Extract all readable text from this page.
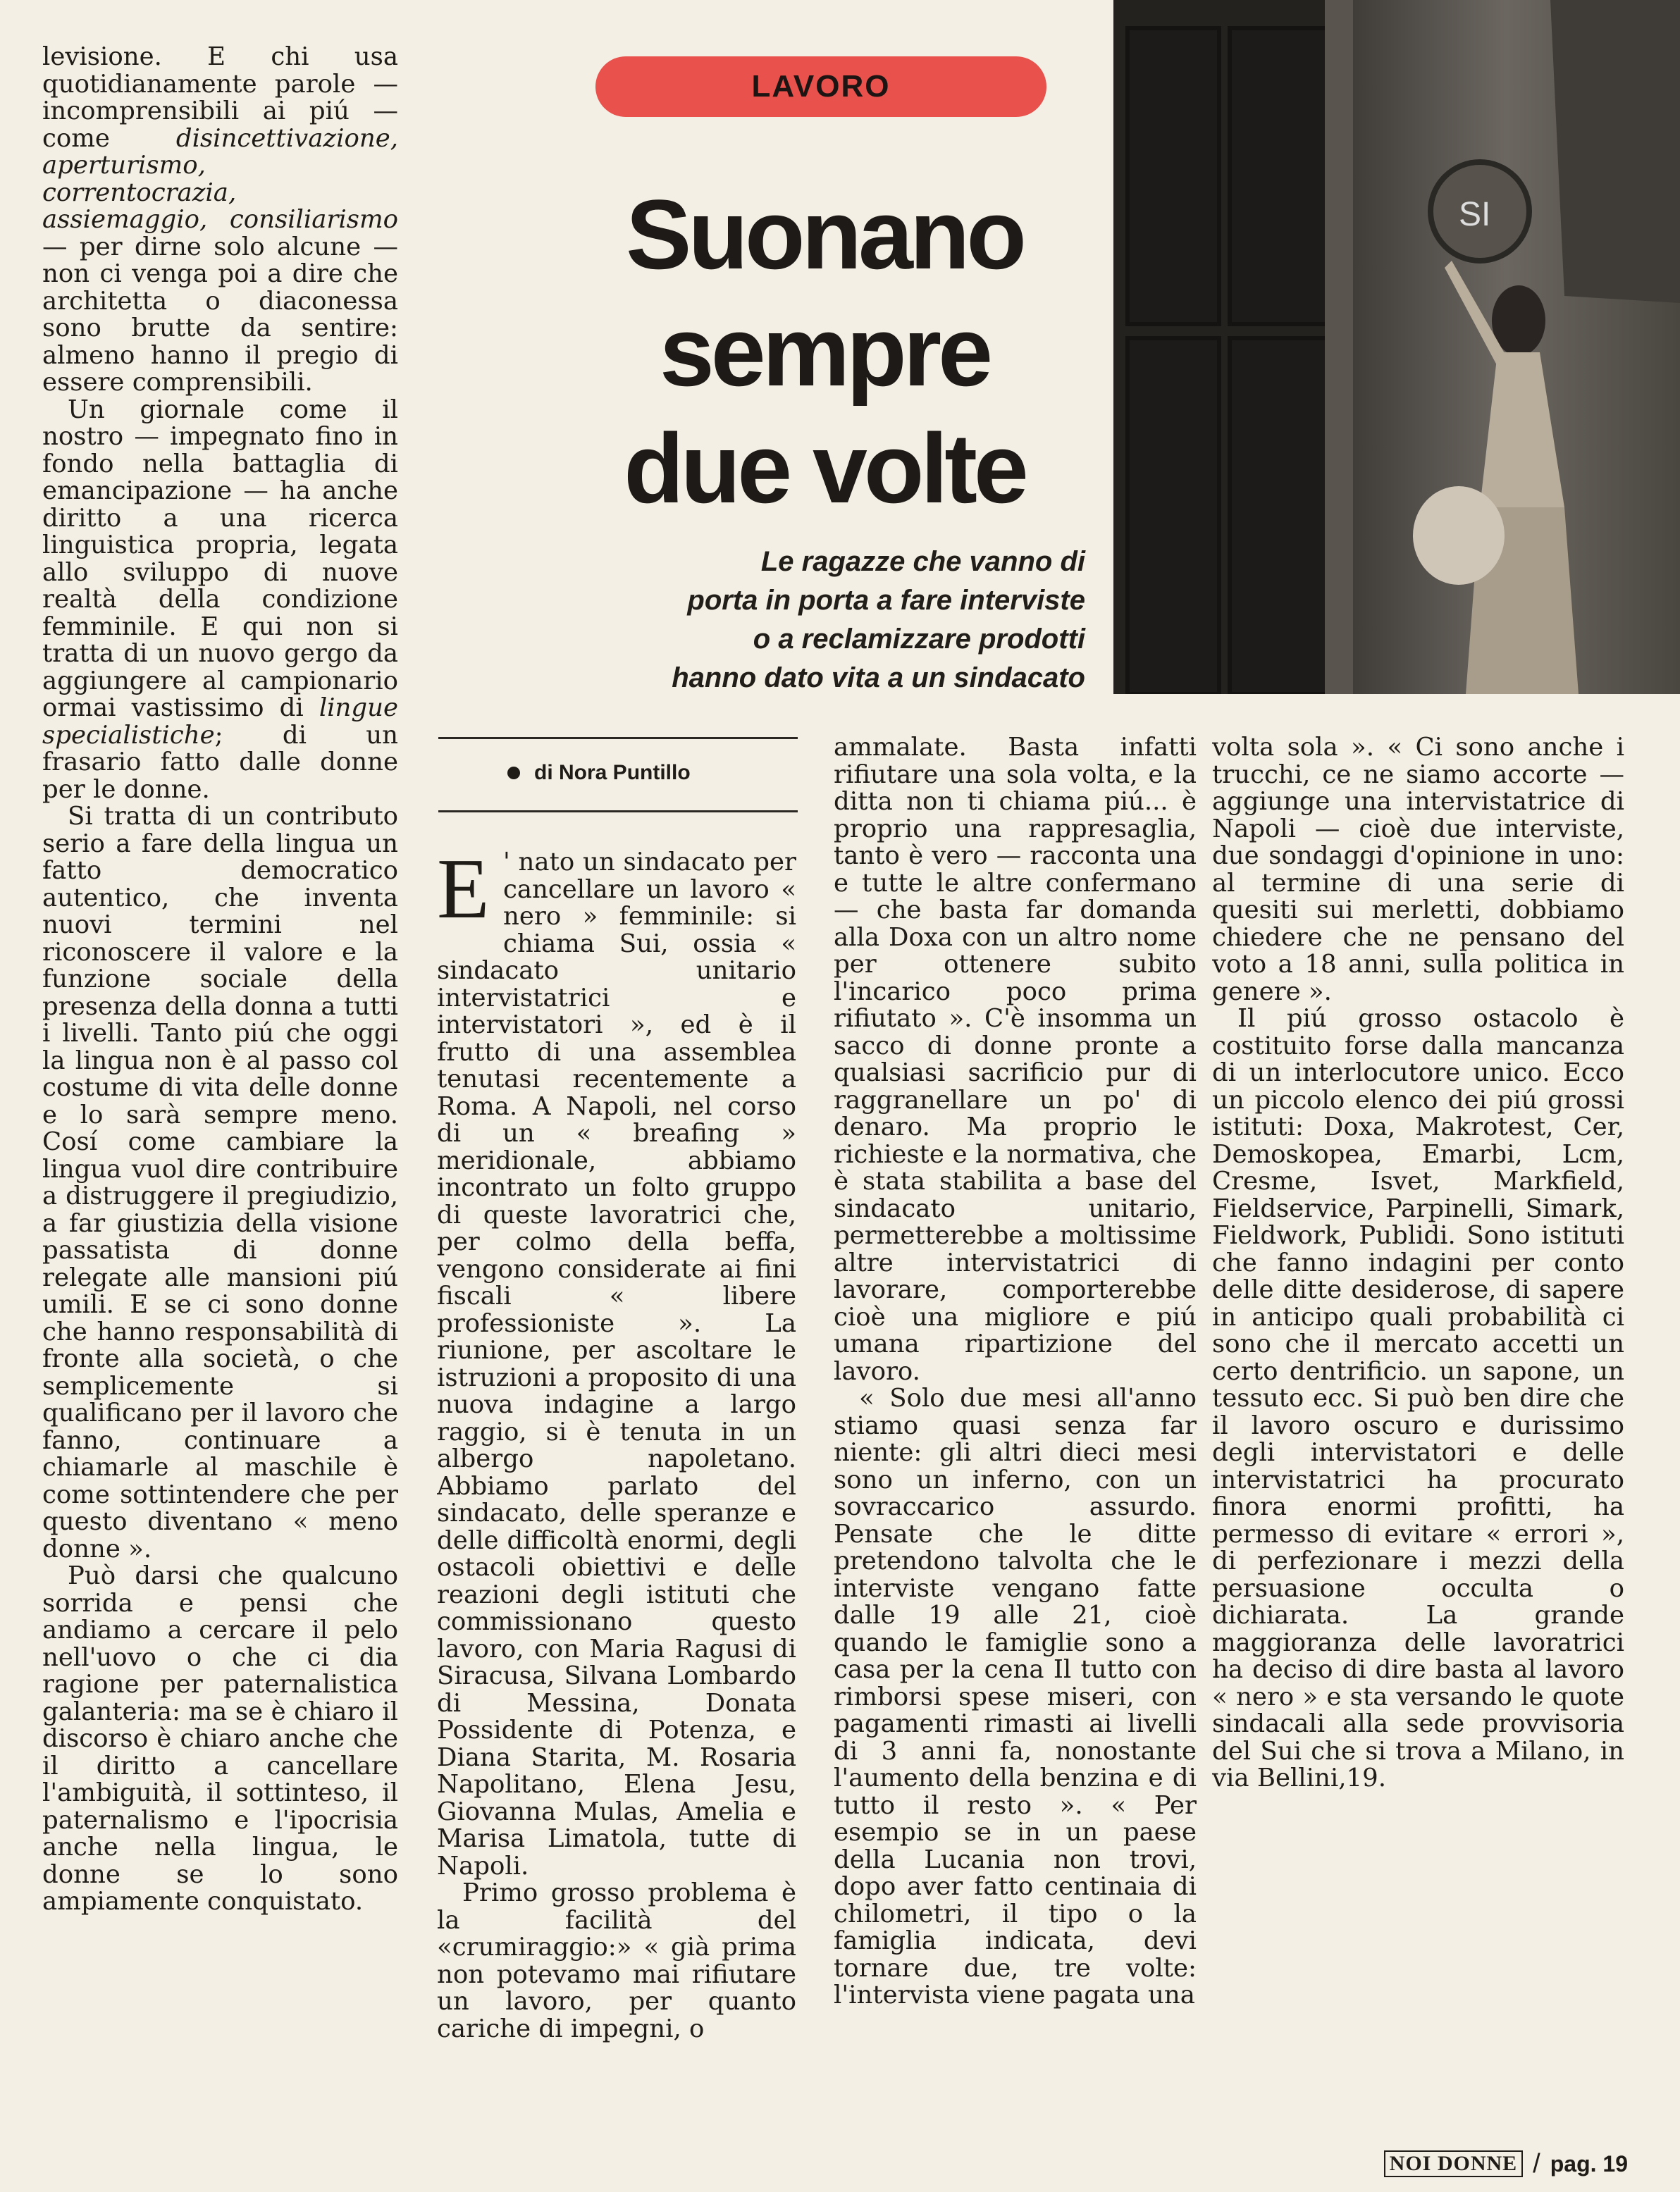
levisione. E chi usa quotidianamente parole — incomprensibili ai piú — come disincettivazione, aperturismo, correntocrazia, assiemaggio, consiliarismo — per dirne solo alcune — non ci venga poi a dire che architetta o diaconessa sono brutte da sentire: almeno hanno il pregio di essere comprensibili.

Un giornale come il nostro — impegnato fino in fondo nella battaglia di emancipazione — ha anche diritto a una ricerca linguistica propria, legata allo sviluppo di nuove realtà della condizione femminile. E qui non si tratta di un nuovo gergo da aggiungere al campionario ormai vastissimo di lingue specialistiche; di un frasario fatto dalle donne per le donne.

Si tratta di un contributo serio a fare della lingua un fatto democratico autentico, che inventa nuovi termini nel riconoscere il valore e la funzione sociale della presenza della donna a tutti i livelli. Tanto piú che oggi la lingua non è al passo col costume di vita delle donne e lo sarà sempre meno. Cosí come cambiare la lingua vuol dire contribuire a distruggere il pregiudizio, a far giustizia della visione passatista di donne relegate alle mansioni piú umili. E se ci sono donne che hanno responsabilità di fronte alla società, o che semplicemente si qualificano per il lavoro che fanno, continuare a chiamarle al maschile è come sottintendere che per questo diventano « meno donne ».

Può darsi che qualcuno sorrida e pensi che andiamo a cercare il pelo nell'uovo o che ci dia ragione per paternalistica galanteria: ma se è chiaro il discorso è chiaro anche che il diritto a cancellare l'ambiguità, il sottinteso, il paternalismo e l'ipocrisia anche nella lingua, le donne se lo sono ampiamente conquistato.

LAVORO
Suonano
sempre
due volte
Le ragazze che vanno di
porta in porta a fare interviste
o a reclamizzare prodotti
hanno dato vita a un sindacato
SI
di Nora Puntillo

E ' nato un sindacato per cancellare un lavoro « nero » femminile: si chiama Sui, ossia « sindacato unitario intervistatrici e intervistatori », ed è il frutto di una assemblea tenutasi recentemente a Roma. A Napoli, nel corso di un « breafing » meridionale, abbiamo incontrato un folto gruppo di queste lavoratrici che, per colmo della beffa, vengono considerate ai fini fiscali « libere professioniste ». La riunione, per ascoltare le istruzioni a proposito di una nuova indagine a largo raggio, si è tenuta in un albergo napoletano. Abbiamo parlato del sindacato, delle speranze e delle difficoltà enormi, degli ostacoli obiettivi e delle reazioni degli istituti che commissionano questo lavoro, con Maria Ragusi di Siracusa, Silvana Lombardo di Messina, Donata Possidente di Potenza, e Diana Starita, M. Rosaria Napolitano, Elena Jesu, Giovanna Mulas, Amelia e Marisa Limatola, tutte di Napoli.

Primo grosso problema è la facilità del «crumiraggio:» « già prima non potevamo mai rifiutare un lavoro, per quanto cariche di impegni, o

ammalate. Basta infatti rifiutare una sola volta, e la ditta non ti chiama piú... è proprio una rappresaglia, tanto è vero — racconta una e tutte le altre confermano — che basta far domanda alla Doxa con un altro nome per ottenere subito l'incarico poco prima rifiutato ». C'è insomma un sacco di donne pronte a qualsiasi sacrificio pur di raggranellare un po' di denaro. Ma proprio le richieste e la normativa, che è stata stabilita a base del sindacato unitario, permetterebbe a moltissime altre intervistatrici di lavorare, comporterebbe cioè una migliore e piú umana ripartizione del lavoro.

« Solo due mesi all'anno stiamo quasi senza far niente: gli altri dieci mesi sono un inferno, con un sovraccarico assurdo. Pensate che le ditte pretendono talvolta che le interviste vengano fatte dalle 19 alle 21, cioè quando le famiglie sono a casa per la cena Il tutto con rimborsi spese miseri, con pagamenti rimasti ai livelli di 3 anni fa, nonostante l'aumento della benzina e di tutto il resto ». « Per esempio se in un paese della Lucania non trovi, dopo aver fatto centinaia di chilometri, il tipo o la famiglia indicata, devi tornare due, tre volte: l'intervista viene pagata una

volta sola ». « Ci sono anche i trucchi, ce ne siamo accorte — aggiunge una intervistatrice di Napoli — cioè due interviste, due sondaggi d'opinione in uno: al termine di una serie di quesiti sui merletti, dobbiamo chiedere che ne pensano del voto a 18 anni, sulla politica in genere ».

Il piú grosso ostacolo è costituito forse dalla mancanza di un interlocutore unico. Ecco un piccolo elenco dei piú grossi istituti: Doxa, Makrotest, Cer, Demoskopea, Emarbi, Lcm, Cresme, Isvet, Markfield, Fieldservice, Parpinelli, Simark, Fieldwork, Publidi. Sono istituti che fanno indagini per conto delle ditte desiderose, di sapere in anticipo quali probabilità ci sono che il mercato accetti un certo dentrificio. un sapone, un tessuto ecc. Si può ben dire che il lavoro oscuro e durissimo degli intervistatori e delle intervistatrici ha procurato finora enormi profitti, ha permesso di evitare « errori », di perfezionare i mezzi della persuasione occulta o dichiarata. La grande maggioranza delle lavoratrici ha deciso di dire basta al lavoro « nero » e sta versando le quote sindacali alla sede provvisoria del Sui che si trova a Milano, in via Bellini,19.

NOI DONNE / pag. 19
